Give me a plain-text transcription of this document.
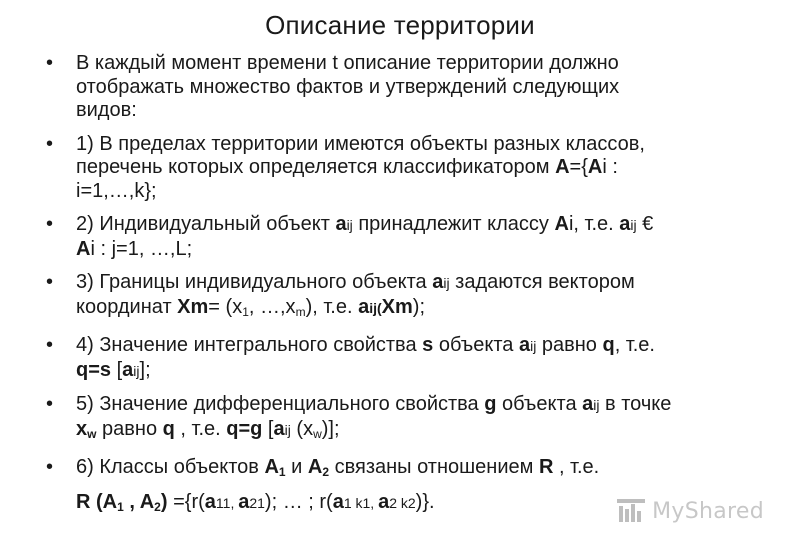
Описание территории
• В каждый момент времени t описание территории должно
отображать множество фактов и утверждений следующих
видов:
• 1) В пределах территории имеются объекты разных классов,
перечень которых определяется классификатором A={Ai :
i=1,…,k};
• 2) Индивидуальный объект aij принадлежит классу Ai, т.е. aij €
Ai : j=1, …,L;
• 3) Границы индивидуального объекта aij задаются вектором
координат $Xm= (x_1$, $\dots,x_m$), т.е. aij(Xm);
• 4) Значение интегрального свойства s объекта aij равно q, т.е.
q=s [aij];
• 5) Значение дифференциального свойства g объекта aij в точке
$x_w$ равно q , т.е. q=g [aij $(x_w)$];
• 6) Классы объектов $A_1$ и $A_2$ связаны отношением R , т.е.
R ($A_1$ , $A_2) =\{r(a11$, a21); … ; r(a1 k1, a2 k2)}.	MyShared
